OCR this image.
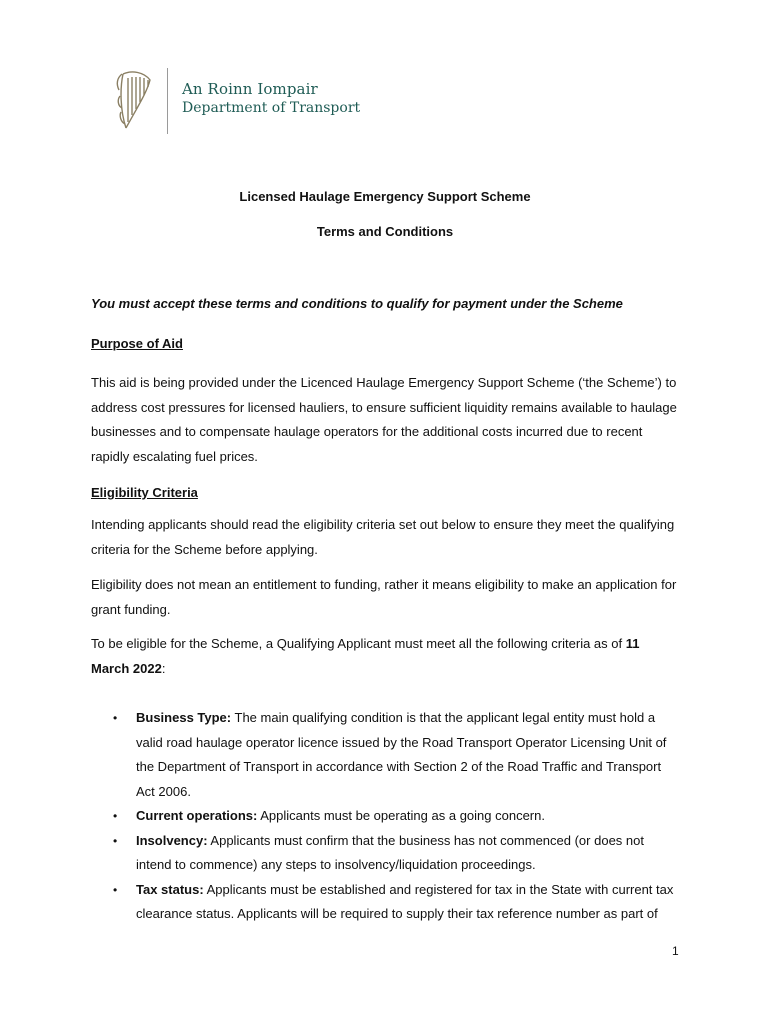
An Roinn Iompair
Department of Transport
Licensed Haulage Emergency Support Scheme
Terms and Conditions

You must accept these terms and conditions to qualify for payment under the Scheme

Purpose of Aid

This aid is being provided under the Licenced Haulage Emergency Support Scheme (‘the Scheme’) to address cost pressures for licensed hauliers, to ensure sufficient liquidity remains available to haulage businesses and to compensate haulage operators for the additional costs incurred due to recent rapidly escalating fuel prices.

Eligibility Criteria

Intending applicants should read the eligibility criteria set out below to ensure they meet the qualifying criteria for the Scheme before applying.

Eligibility does not mean an entitlement to funding, rather it means eligibility to make an application for grant funding.

To be eligible for the Scheme, a Qualifying Applicant must meet all the following criteria as of 11 March 2022:

• Business Type: The main qualifying condition is that the applicant legal entity must hold a valid road haulage operator licence issued by the Road Transport Operator Licensing Unit of the Department of Transport in accordance with Section 2 of the Road Traffic and Transport Act 2006.
• Current operations: Applicants must be operating as a going concern.
• Insolvency: Applicants must confirm that the business has not commenced (or does not intend to commence) any steps to insolvency/liquidation proceedings.
• Tax status: Applicants must be established and registered for tax in the State with current tax clearance status. Applicants will be required to supply their tax reference number as part of
1
